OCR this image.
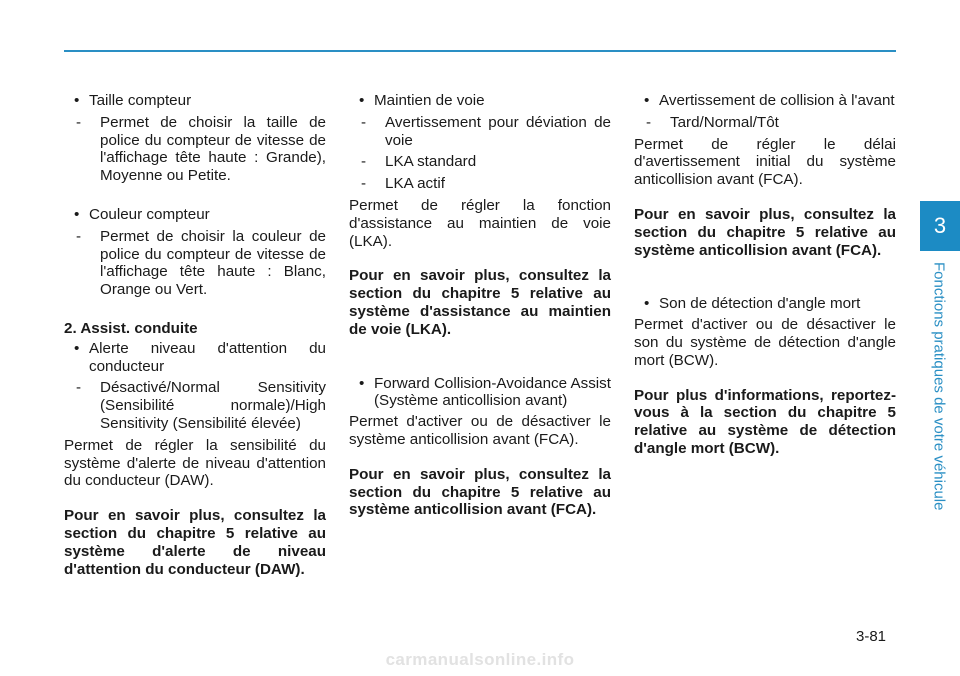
• Taille compteur
- Permet de choisir la taille de police du compteur de vitesse de l'affichage tête haute : Grande), Moyenne ou Petite.
• Couleur compteur
- Permet de choisir la couleur de police du compteur de vitesse de l'affichage tête haute : Blanc, Orange ou Vert.
2. Assist. conduite
• Alerte niveau d'attention du conducteur
- Désactivé/Normal Sensitivity (Sensibilité normale)/High Sensitivity (Sensibilité élevée)
Permet de régler la sensibilité du système d'alerte de niveau d'attention du conducteur (DAW).
Pour en savoir plus, consultez la section du chapitre 5 relative au système d'alerte de niveau d'attention du conducteur (DAW).
• Maintien de voie
- Avertissement pour déviation de voie
- LKA standard
- LKA actif
Permet de régler la fonction d'assistance au maintien de voie (LKA).
Pour en savoir plus, consultez la section du chapitre 5 relative au système d'assistance au maintien de voie (LKA).
• Forward Collision-Avoidance Assist (Système anticollision avant)
Permet d'activer ou de désactiver le système anticollision avant (FCA).
Pour en savoir plus, consultez la section du chapitre 5 relative au système anticollision avant (FCA).
• Avertissement de collision à l'avant
- Tard/Normal/Tôt
Permet de régler le délai d'avertissement initial du système anticollision avant (FCA).
Pour en savoir plus, consultez la section du chapitre 5 relative au système anticollision avant (FCA).
• Son de détection d'angle mort
Permet d'activer ou de désactiver le son du système de détection d'angle mort (BCW).
Pour plus d'informations, reportez-vous à la section du chapitre 5 relative au système de détection d'angle mort (BCW).
3
Fonctions pratiques de votre véhicule
3-81
carmanualsonline.info
